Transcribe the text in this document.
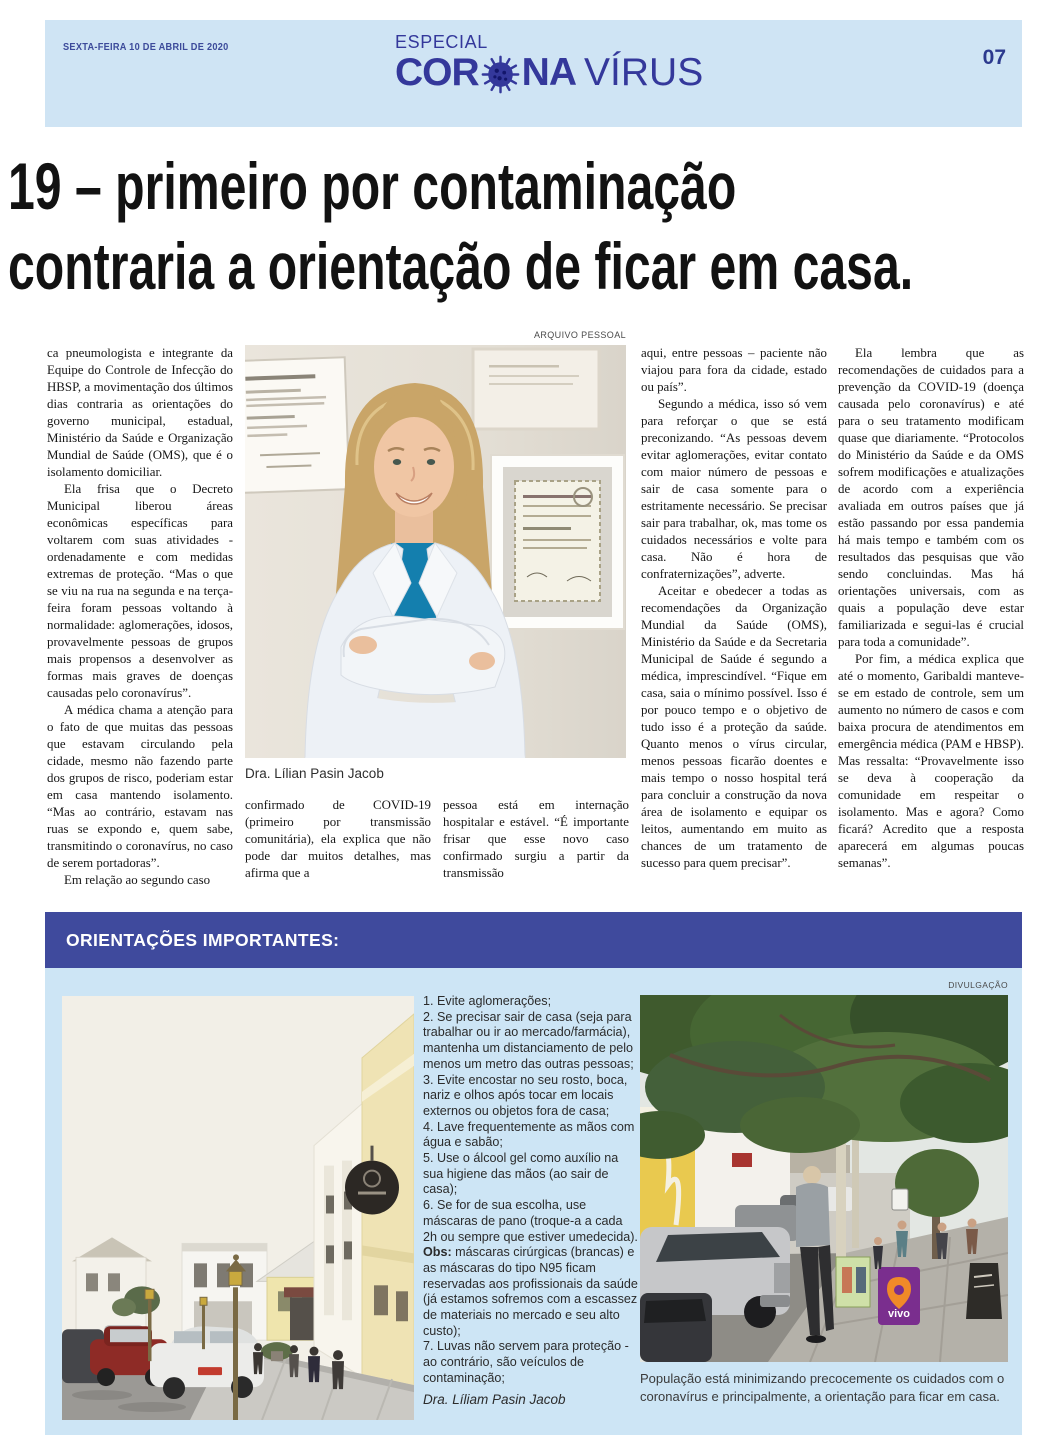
SEXTA-FEIRA 10 DE ABRIL DE 2020	ESPECIAL
COR NA VÍRUS	07
19 – primeiro por contaminação
contraria a orientação de ficar em casa.
ARQUIVO PESSOAL

ca pneumologista e integrante da Equipe do Controle de Infecção do HBSP, a movimentação dos últimos dias contraria as orientações do governo municipal, estadual, Ministério da Saúde e Organização Mundial de Saúde (OMS), que é o isolamento domiciliar.

Ela frisa que o Decreto Municipal liberou áreas econômicas específicas para voltarem com suas atividades - ordenadamente e com medidas extremas de proteção. “Mas o que se viu na rua na segunda e na terça-feira foram pessoas voltando à normalidade: aglomerações, idosos, provavelmente pessoas de grupos mais propensos a desenvolver as formas mais graves de doenças causadas pelo coronavírus”.

A médica chama a atenção para o fato de que muitas das pessoas que estavam circulando pela cidade, mesmo não fazendo parte dos grupos de risco, poderiam estar em casa mantendo isolamento. “Mas ao contrário, estavam nas ruas se expondo e, quem sabe, transmitindo o coronavírus, no caso de serem portadoras”.

Em relação ao segundo caso

Dra. Lílian Pasin Jacob

confirmado de COVID-19 (primeiro por transmissão comunitária), ela explica que não pode dar muitos detalhes, mas afirma que a

pessoa está em internação hospitalar e estável. “É importante frisar que esse novo caso confirmado surgiu a partir da transmissão

aqui, entre pessoas – paciente não viajou para fora da cidade, estado ou país”.

Segundo a médica, isso só vem para reforçar o que se está preconizando. “As pessoas devem evitar aglomerações, evitar contato com maior número de pessoas e sair de casa somente para o estritamente necessário. Se precisar sair para trabalhar, ok, mas tome os cuidados necessários e volte para casa. Não é hora de confraternizações”, adverte.

Aceitar e obedecer a todas as recomendações da Organização Mundial da Saúde (OMS), Ministério da Saúde e da Secretaria Municipal de Saúde é segundo a médica, imprescindível. “Fique em casa, saia o mínimo possível. Isso é por pouco tempo e o objetivo de tudo isso é a proteção da saúde. Quanto menos o vírus circular, menos pessoas ficarão doentes e mais tempo o nosso hospital terá para concluir a construção da nova área de isolamento e equipar os leitos, aumentando em muito as chances de um tratamento de sucesso para quem precisar”.

Ela lembra que as recomendações de cuidados para a prevenção da COVID-19 (doença causada pelo coronavírus) e até para o seu tratamento modificam quase que diariamente. “Protocolos do Ministério da Saúde e da OMS sofrem modificações e atualizações de acordo com a experiência avaliada em outros países que já estão passando por essa pandemia há mais tempo e também com os resultados das pesquisas que vão sendo concluindas. Mas há orientações universais, com as quais a população deve estar familiarizada e segui-las é crucial para toda a comunidade”.

Por fim, a médica explica que até o momento, Garibaldi manteve-se em estado de controle, sem um aumento no número de casos e com baixa procura de atendimentos em emergência médica (PAM e HBSP). Mas ressalta: “Provavelmente isso se deva à cooperação da comunidade em respeitar o isolamento. Mas e agora? Como ficará? Acredito que a resposta aparecerá em algumas poucas semanas”.

ORIENTAÇÕES IMPORTANTES:
DIVULGAÇÃO

1. Evite aglomerações;

2. Se precisar sair de casa (seja para trabalhar ou ir ao mercado/farmácia), mantenha um distanciamento de pelo menos um metro das outras pessoas;

3. Evite encostar no seu rosto, boca, nariz e olhos após tocar em locais externos ou objetos fora de casa;

4. Lave frequentemente as mãos com água e sabão;

5. Use o álcool gel como auxílio na sua higiene das mãos (ao sair de casa);

6. Se for de sua escolha, use máscaras de pano (troque-a a cada 2h ou sempre que estiver umedecida).

Obs: máscaras cirúrgicas (brancas) e as máscaras do tipo N95 ficam reservadas aos profissionais da saúde (já estamos sofremos com a escassez de materiais no mercado e seu alto custo);

7. Luvas não servem para proteção - ao contrário, são veículos de contaminação;

Dra. Líliam Pasin Jacob
vivo
População está minimizando precocemente os cuidados com o coronavírus e principalmente, a orientação para ficar em casa.
